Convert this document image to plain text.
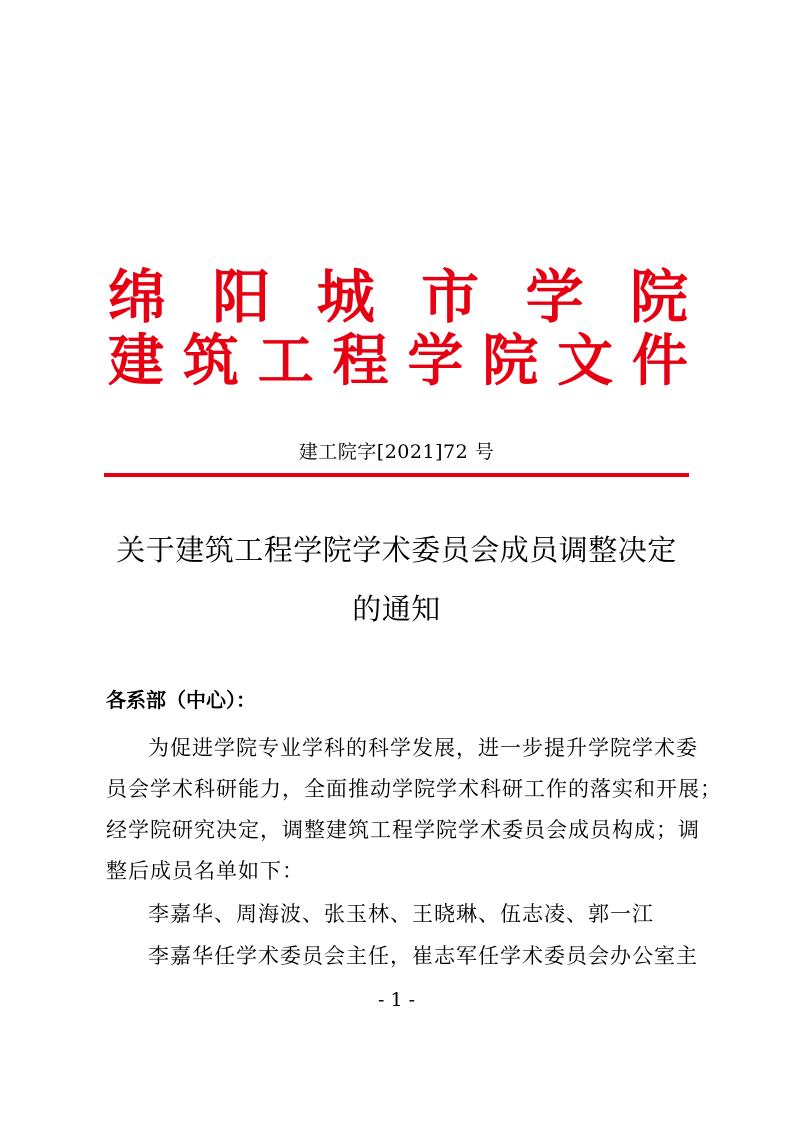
绵 阳 城 市 学 院
建 筑 工 程 学 院 文 件
建工院字[2021]72 号
关于建筑工程学院学术委员会成员调整决定
的通知
各系部（中心）：
为促进学院专业学科的科学发展，进一步提升学院学术委
员会学术科研能力，全面推动学院学术科研工作的落实和开展；
经学院研究决定，调整建筑工程学院学术委员会成员构成；调
整后成员名单如下：
李嘉华、周海波、张玉林、王晓琳、伍志凌、郭一江
李嘉华任学术委员会主任，崔志军任学术委员会办公室主
- 1 -
